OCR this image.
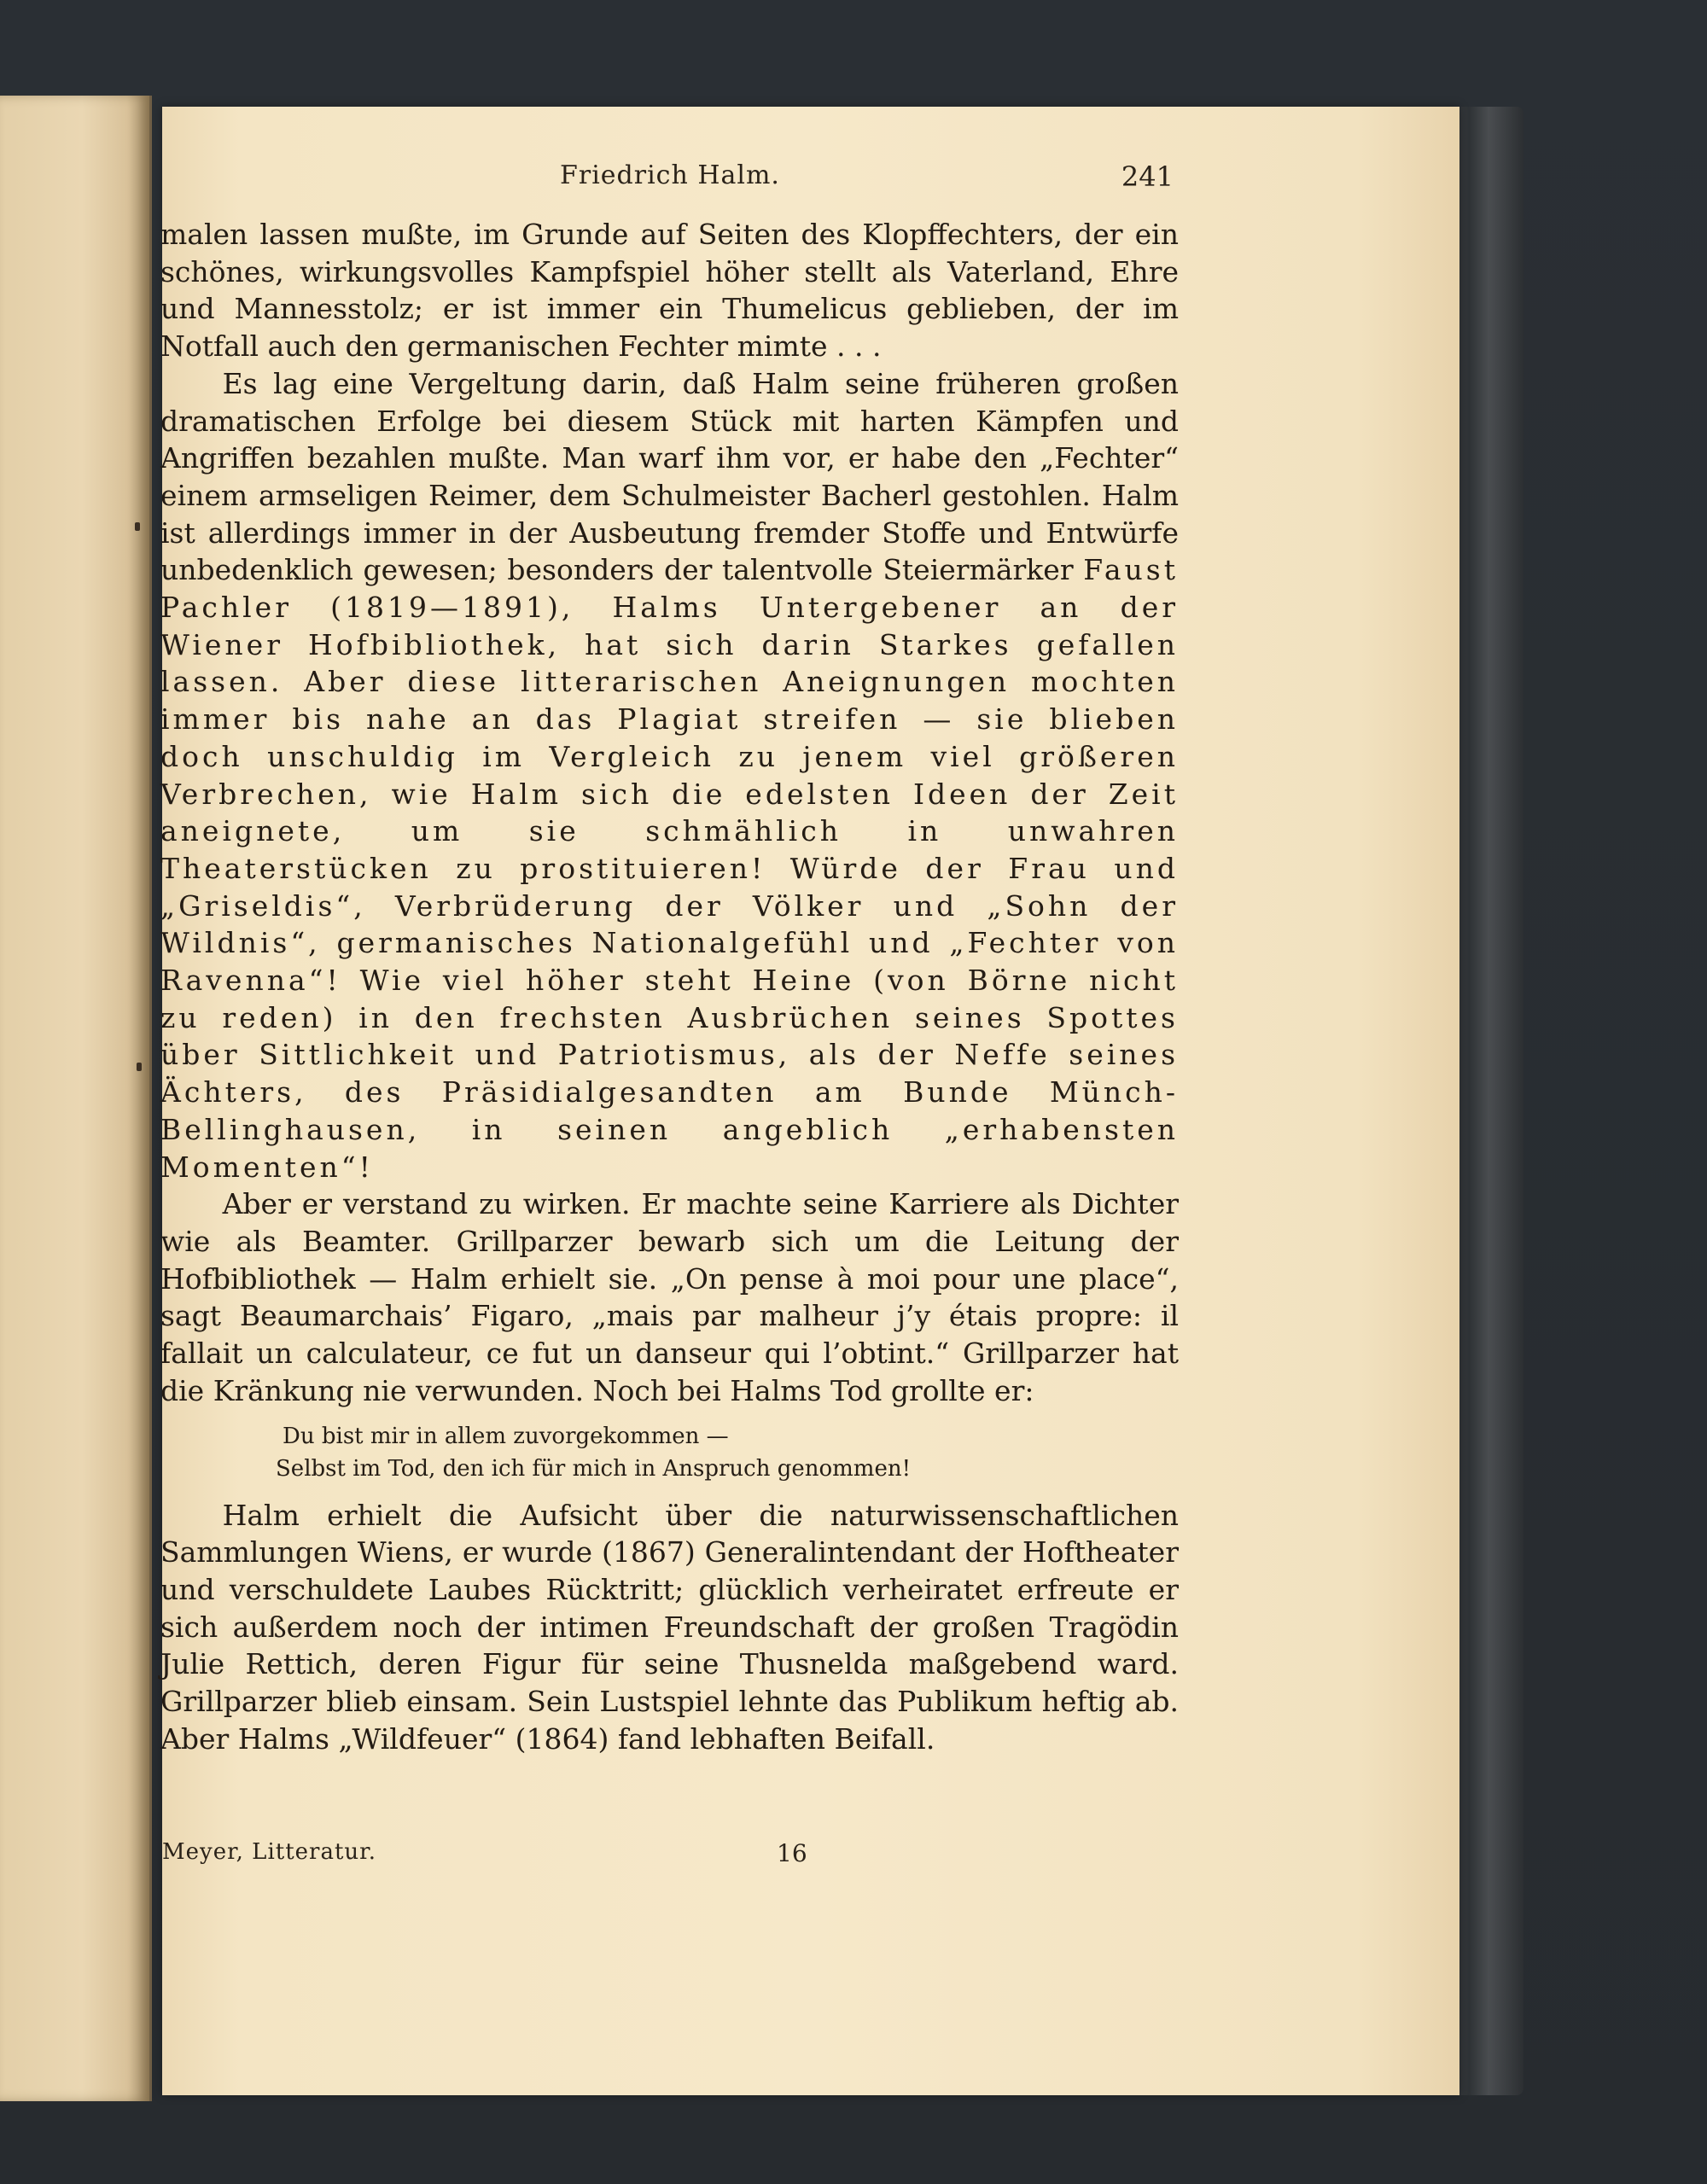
Friedrich Halm.	241

malen lassen mußte, im Grunde auf Seiten des Klopffechters, der ein schönes, wirkungsvolles Kampfspiel höher stellt als Vaterland, Ehre und Mannesstolz; er ist immer ein Thumelicus geblieben, der im Notfall auch den germanischen Fechter mimte . . .

Es lag eine Vergeltung darin, daß Halm seine früheren großen dramatischen Erfolge bei diesem Stück mit harten Kämpfen und Angriffen bezahlen mußte. Man warf ihm vor, er habe den „Fechter“ einem armseligen Reimer, dem Schulmeister Bacherl gestohlen. Halm ist allerdings immer in der Ausbeutung fremder Stoffe und Entwürfe unbedenklich gewesen; besonders der talentvolle Steiermärker Faust Pachler (1819—1891), Halms Untergebener an der Wiener Hofbibliothek, hat sich darin Starkes gefallen lassen. Aber diese litterarischen Aneignungen mochten immer bis nahe an das Plagiat streifen — sie blieben doch unschuldig im Vergleich zu jenem viel größeren Verbrechen, wie Halm sich die edelsten Ideen der Zeit aneignete, um sie schmählich in unwahren Theaterstücken zu prostituieren! Würde der Frau und „Griseldis“, Verbrüderung der Völker und „Sohn der Wildnis“, germanisches Nationalgefühl und „Fechter von Ravenna“! Wie viel höher steht Heine (von Börne nicht zu reden) in den frechsten Ausbrüchen seines Spottes über Sittlichkeit und Patriotismus, als der Neffe seines Ächters, des Präsidialgesandten am Bunde Münch-Bellinghausen, in seinen angeblich „erhabensten Momenten“!

Aber er verstand zu wirken. Er machte seine Karriere als Dichter wie als Beamter. Grillparzer bewarb sich um die Leitung der Hofbibliothek — Halm erhielt sie. „On pense à moi pour une place“, sagt Beaumarchais’ Figaro, „mais par malheur j’y étais propre: il fallait un calculateur, ce fut un danseur qui l’obtint.“ Grillparzer hat die Kränkung nie verwunden. Noch bei Halms Tod grollte er:

Du bist mir in allem zuvorgekommen —
Selbst im Tod, den ich für mich in Anspruch genommen!

Halm erhielt die Aufsicht über die naturwissenschaftlichen Sammlungen Wiens, er wurde (1867) Generalintendant der Hoftheater und verschuldete Laubes Rücktritt; glücklich verheiratet erfreute er sich außerdem noch der intimen Freundschaft der großen Tragödin Julie Rettich, deren Figur für seine Thusnelda maßgebend ward. Grillparzer blieb einsam. Sein Lustspiel lehnte das Publikum heftig ab. Aber Halms „Wildfeuer“ (1864) fand lebhaften Beifall.

Meyer, Litteratur.	16
